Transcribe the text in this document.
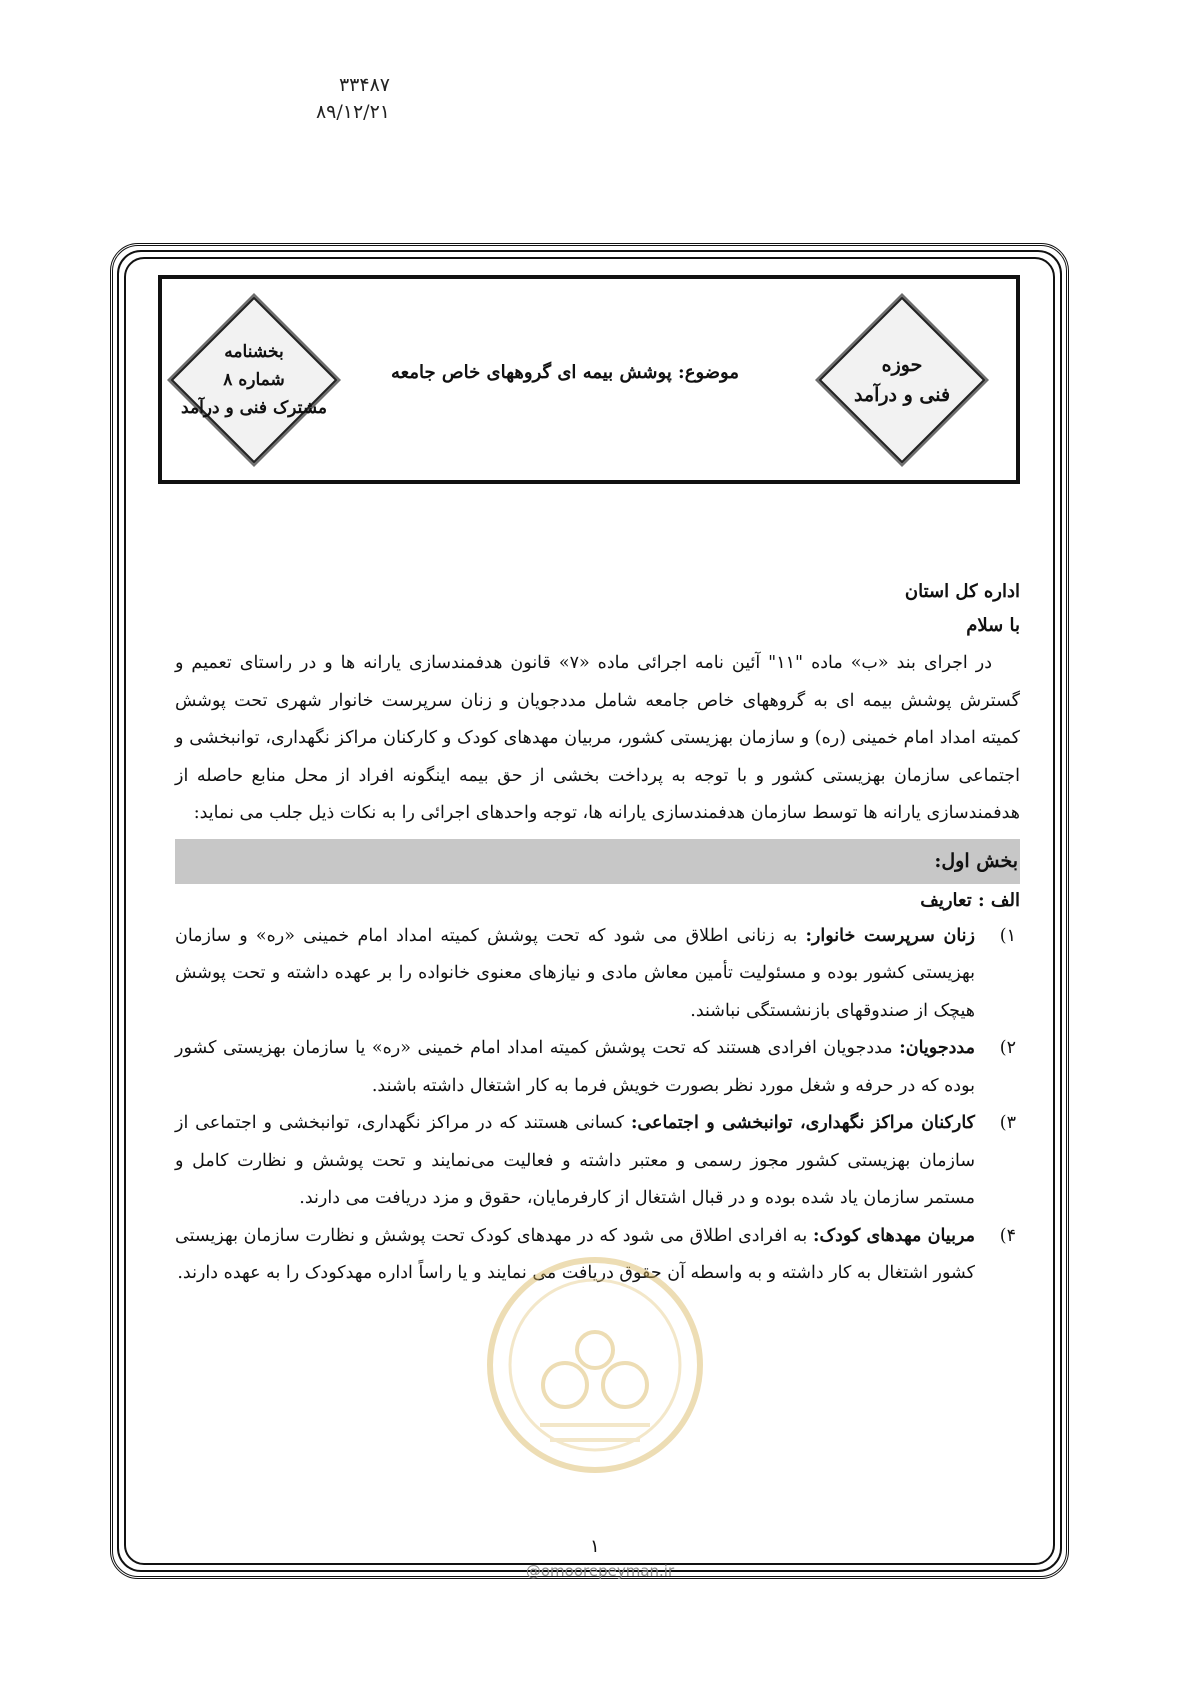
۳۳۴۸۷
۸۹/۱۲/۲۱
بخشنامه
شماره ۸
مشترک فنی و درآمد
موضوع: پوشش بیمه ای گروههای خاص جامعه	حوزه
فنی و درآمد
اداره کل استان
با سلام

در اجرای بند «ب» ماده "۱۱" آئین نامه اجرائی ماده «۷» قانون هدفمندسازی یارانه ها و در راستای تعمیم و گسترش پوشش بیمه ای به گروههای خاص جامعه شامل مددجویان و زنان سرپرست خانوار شهری تحت پوشش کمیته امداد امام خمینی (ره) و سازمان بهزیستی کشور، مربیان مهدهای کودک و کارکنان مراکز نگهداری، توانبخشی و اجتماعی سازمان بهزیستی کشور و با توجه به پرداخت بخشی از حق بیمه اینگونه افراد از محل منابع حاصله از هدفمندسازی یارانه ها توسط سازمان هدفمندسازی یارانه ها، توجه واحدهای اجرائی را به نکات ذیل جلب می نماید:

بخش اول:
الف : تعاریف

۱)
زنان سرپرست خانوار: به زنانی اطلاق می شود که تحت پوشش کمیته امداد امام خمینی «ره» و سازمان بهزیستی کشور بوده و مسئولیت تأمین معاش مادی و نیازهای معنوی خانواده را بر عهده داشته و تحت پوشش هیچک از صندوقهای بازنشستگی نباشند.

۲)
مددجویان: مددجویان افرادی هستند که تحت پوشش کمیته امداد امام خمینی «ره» یا سازمان بهزیستی کشور بوده که در حرفه و شغل مورد نظر بصورت خویش فرما به کار اشتغال داشته باشند.

۳)
کارکنان مراکز نگهداری، توانبخشی و اجتماعی: کسانی هستند که در مراکز نگهداری، توانبخشی و اجتماعی از سازمان بهزیستی کشور مجوز رسمی و معتبر داشته و فعالیت می‌نمایند و تحت پوشش و نظارت کامل و مستمر سازمان یاد شده بوده و در قبال اشتغال از کارفرمایان، حقوق و مزد دریافت می دارند.

۴)
مربیان مهدهای کودک: به افرادی اطلاق می شود که در مهدهای کودک تحت پوشش و نظارت سازمان بهزیستی کشور اشتغال به کار داشته و به واسطه آن حقوق دریافت می نمایند و یا راساً اداره مهدکودک را به عهده دارند.

۱
@omoorepeyman.ir
